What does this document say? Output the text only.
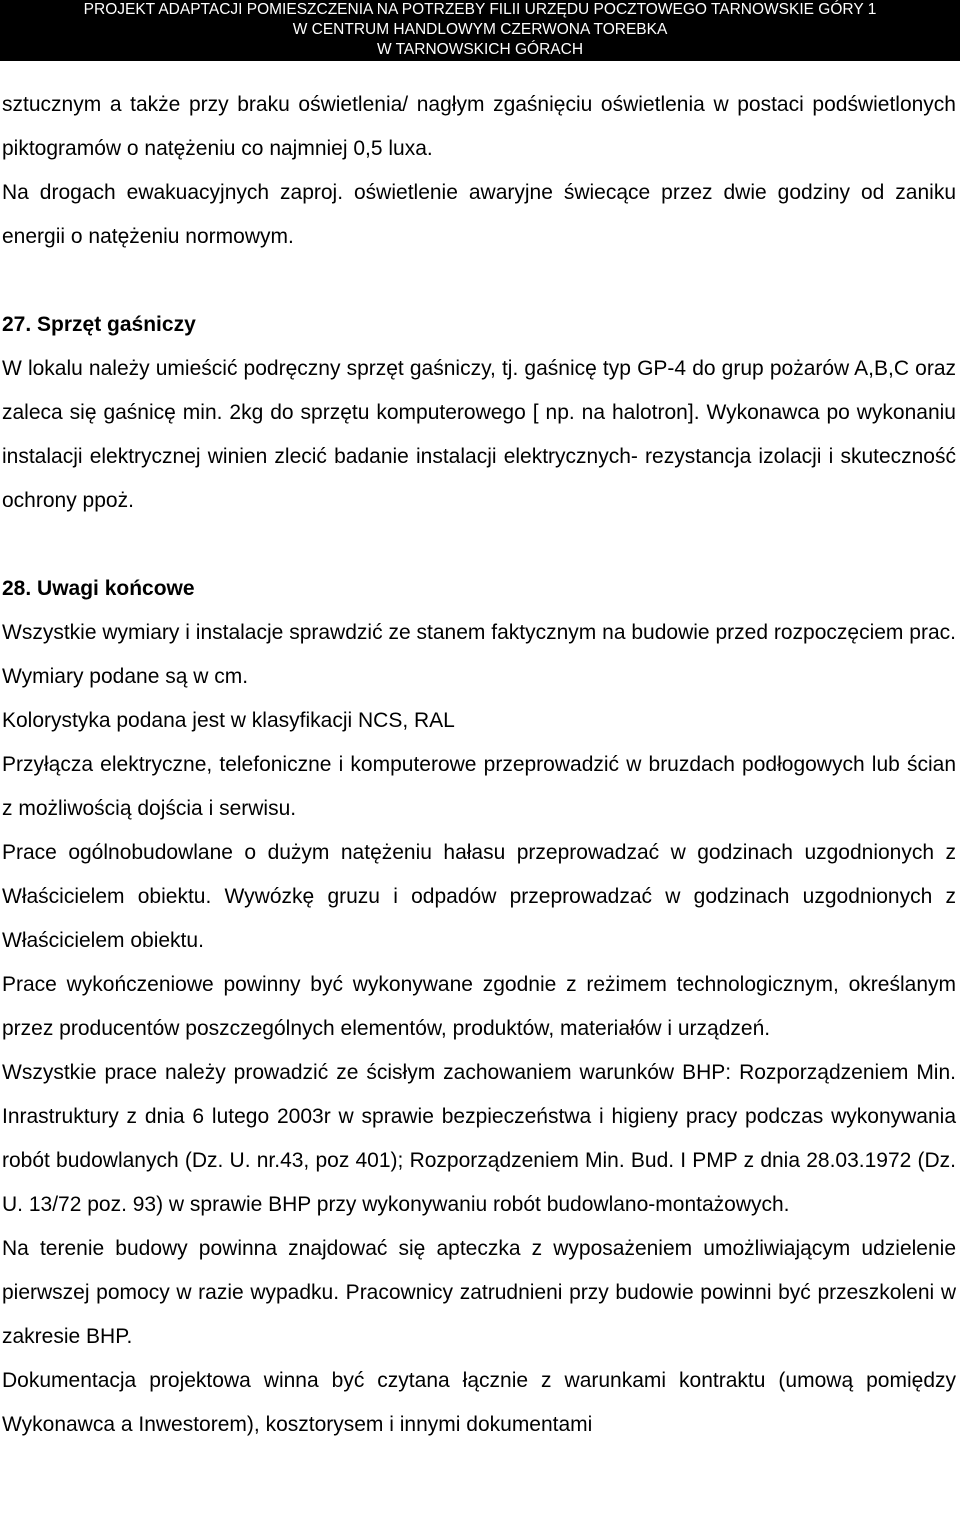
PROJEKT ADAPTACJI POMIESZCZENIA NA POTRZEBY FILII URZĘDU POCZTOWEGO TARNOWSKIE GÓRY 1
W CENTRUM HANDLOWYM CZERWONA TOREBKA
W TARNOWSKICH GÓRACH

sztucznym a także przy braku oświetlenia/ nagłym zgaśnięciu oświetlenia w postaci podświetlonych piktogramów o natężeniu co najmniej 0,5 luxa.

Na drogach ewakuacyjnych zaproj. oświetlenie awaryjne świecące przez dwie godziny od zaniku energii o natężeniu normowym.

27. Sprzęt gaśniczy

W lokalu należy umieścić podręczny sprzęt gaśniczy, tj. gaśnicę typ GP-4 do grup pożarów A,B,C oraz zaleca się gaśnicę min. 2kg do sprzętu komputerowego [ np. na halotron]. Wykonawca po wykonaniu instalacji elektrycznej winien zlecić badanie instalacji elektrycznych- rezystancja izolacji i skuteczność ochrony ppoż.

28. Uwagi końcowe

Wszystkie wymiary i instalacje sprawdzić ze stanem faktycznym na budowie przed rozpoczęciem prac. Wymiary podane są w cm.

Kolorystyka podana jest w klasyfikacji NCS, RAL

Przyłącza elektryczne, telefoniczne i komputerowe przeprowadzić w bruzdach podłogowych lub ścian z możliwością dojścia i serwisu.

Prace ogólnobudowlane o dużym natężeniu hałasu przeprowadzać w godzinach uzgodnionych z Właścicielem obiektu. Wywózkę gruzu i odpadów przeprowadzać w godzinach uzgodnionych z Właścicielem obiektu.

Prace wykończeniowe powinny być wykonywane zgodnie z reżimem technologicznym, określanym przez producentów poszczególnych elementów, produktów, materiałów i urządzeń.

Wszystkie prace należy prowadzić ze ścisłym zachowaniem warunków BHP: Rozporządzeniem Min. Inrastruktury z dnia 6 lutego 2003r w sprawie bezpieczeństwa i higieny pracy podczas wykonywania robót budowlanych (Dz. U. nr.43, poz 401); Rozporządzeniem Min. Bud. I PMP z dnia 28.03.1972 (Dz. U. 13/72 poz. 93) w sprawie BHP przy wykonywaniu robót budowlano-montażowych.

Na terenie budowy powinna znajdować się apteczka z wyposażeniem umożliwiającym udzielenie pierwszej pomocy w razie wypadku. Pracownicy zatrudnieni przy budowie powinni być przeszkoleni w zakresie BHP.

Dokumentacja projektowa winna być czytana łącznie z warunkami kontraktu (umową pomiędzy Wykonawca a Inwestorem), kosztorysem i innymi dokumentami
